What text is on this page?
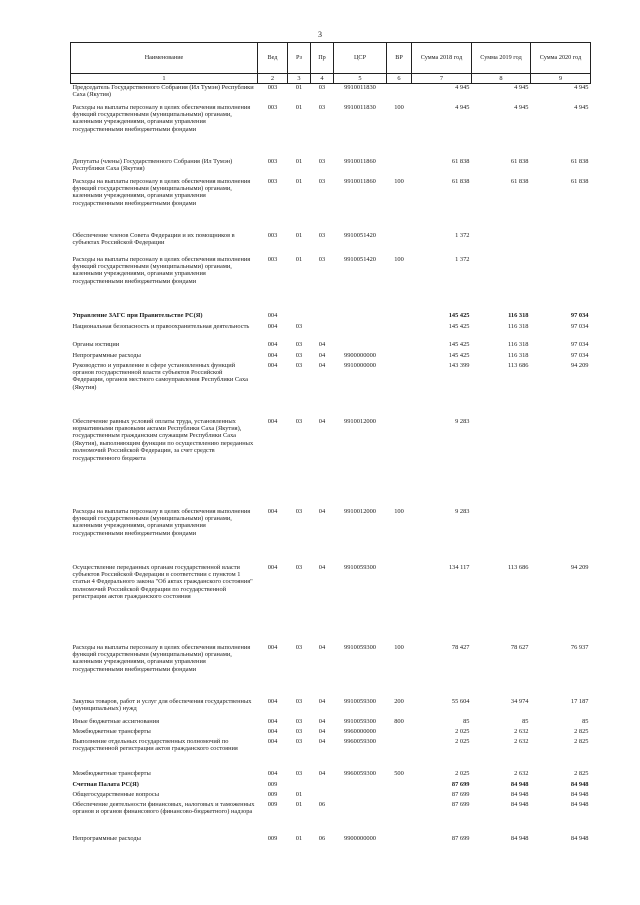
3
Наименование	Вед	Рз	Пр	ЦСР	ВР	Сумма 2018 год	Сумма 2019 год	Сумма 2020 год
1	2	3	4	5	6	7	8	9
Председатель Государственного Собрания (Ил Тумэн) Республики Саха (Якутия)	003	01	03	9910011830		4 945	4 945	4 945
Расходы на выплаты персоналу в целях обеспечения выполнения функций государственными (муниципальными) органами, казенными учреждениями, органами управления государственными внебюджетными фондами	003	01	03	9910011830	100	4 945	4 945	4 945
Депутаты (члены) Государственного Собрания (Ил Тумэн) Республики Саха (Якутия)	003	01	03	9910011860		61 838	61 838	61 838
Расходы на выплаты персоналу в целях обеспечения выполнения функций государственными (муниципальными) органами, казенными учреждениями, органами управления государственными внебюджетными фондами	003	01	03	9910011860	100	61 838	61 838	61 838
Обеспечение членов Совета Федерации и их помощников в субъектах Российской Федерации	003	01	03	9910051420		1 372		
Расходы на выплаты персоналу в целях обеспечения выполнения функций государственными (муниципальными) органами, казенными учреждениями, органами управления государственными внебюджетными фондами	003	01	03	9910051420	100	1 372		
Управление ЗАГС при Правительстве РС(Я)	004					145 425	116 318	97 034
Национальная безопасность и правоохранительная деятельность	004	03				145 425	116 318	97 034
Органы юстиции	004	03	04			145 425	116 318	97 034
Непрограммные расходы	004	03	04	9900000000		145 425	116 318	97 034
Руководство и управление в сфере установленных функций органов государственной власти субъектов Российской Федерации, органов местного самоуправления Республики Саха (Якутия)	004	03	04	9910000000		143 399	113 686	94 209
Обеспечение равных условий оплаты труда, установленных нормативными правовыми актами Республики Саха (Якутия), государственным гражданским служащим Республики Саха (Якутия), выполняющим функции по осуществлению переданных полномочий Российской Федерации, за счет средств государственного бюджета	004	03	04	9910012000		9 283		
Расходы на выплаты персоналу в целях обеспечения выполнения функций государственными (муниципальными) органами, казенными учреждениями, органами управления государственными внебюджетными фондами	004	03	04	9910012000	100	9 283		
Осуществление переданных органам государственной власти субъектов Российской Федерации в соответствии с пунктом 1 статьи 4 Федерального закона "Об актах гражданского состояния" полномочий Российской Федерации по государственной регистрации актов гражданского состояния	004	03	04	9910059300		134 117	113 686	94 209
Расходы на выплаты персоналу в целях обеспечения выполнения функций государственными (муниципальными) органами, казенными учреждениями, органами управления государственными внебюджетными фондами	004	03	04	9910059300	100	78 427	78 627	76 937
Закупка товаров, работ и услуг для обеспечения государственных (муниципальных) нужд	004	03	04	9910059300	200	55 604	34 974	17 187
Иные бюджетные ассигнования	004	03	04	9910059300	800	85	85	85
Межбюджетные трансферты	004	03	04	9960000000		2 025	2 632	2 825
Выполнение отдельных государственных полномочий по государственной регистрации актов гражданского состояния	004	03	04	9960059300		2 025	2 632	2 825
Межбюджетные трансферты	004	03	04	9960059300	500	2 025	2 632	2 825
Счетная Палата РС(Я)	009					87 699	84 948	84 948
Общегосударственные вопросы	009	01				87 699	84 948	84 948
Обеспечение деятельности финансовых, налоговых и таможенных органов и органов финансового (финансово-бюджетного) надзора	009	01	06			87 699	84 948	84 948
Непрограммные расходы	009	01	06	9900000000		87 699	84 948	84 948
